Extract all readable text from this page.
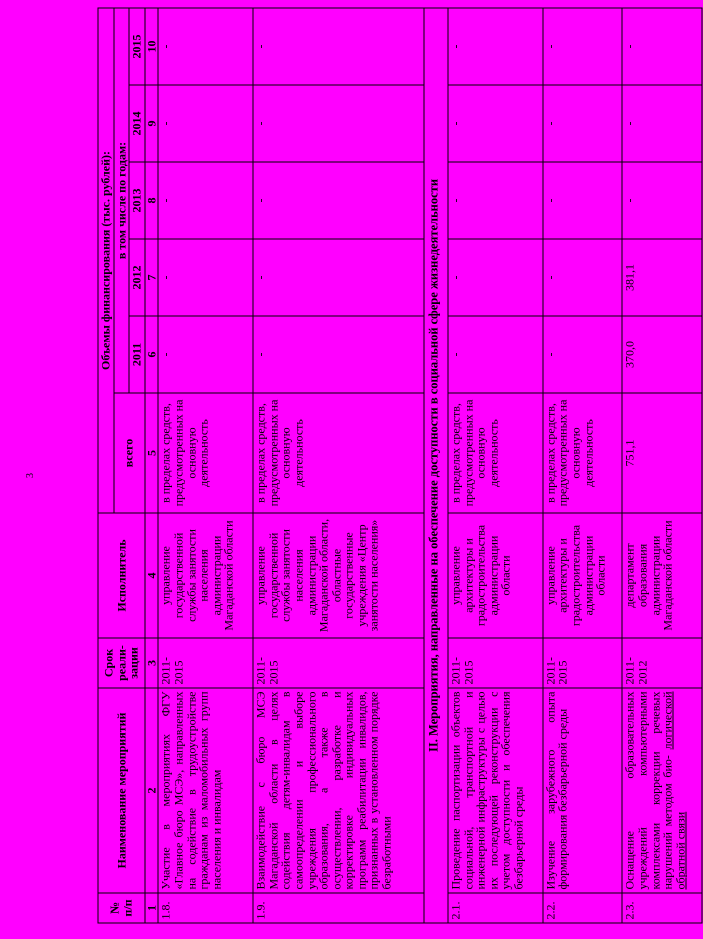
3
№ п/п	Наименование мероприятий	Срок реали-зации	Исполнитель	Объемы финансирования (тыс. рублей):					
				всего	в том числе по годам:				
					2011	2012	2013	2014	2015
1	2	3	4	5	6	7	8	9	10
1.8.	Участие в мероприятиях ФГУ «Главное бюро МСЭ», направленных на содействие в трудоустройстве гражданам из маломобильных групп населения и инвалидам	2011-2015	управление государственной службы занятости населения администрации Магаданской области	в пределах средств, предусмотренных на основную деятельность	-	-	-	-	-
1.9.	Взаимодействие с бюро МСЭ Магаданской области в целях содействия детям-инвалидам в самоопределении и выборе учреждения профессионального образования, а также в осуществлении, разработке и корректировке индивидуальных программ реабилитации инвалидов, признанных в установленном порядке безработными	2011-2015	управление государственной службы занятости населения администрации Магаданской области, областные государственные учреждения «Центр занятости населения»	в пределах средств, предусмотренных на основную деятельность	-	-	-	-	-
II. Мероприятия, направленные на обеспечение доступности в социальной сфере жизнедеятельности									
2.1.	Проведение паспортизации объектов социальной, транспортной и инженерной инфраструктуры с целью их последующей реконструкции с учетом доступности и обеспечения безбарьерной среды	2011-2015	управление архитектуры и градостроительства администрации области	в пределах средств, предусмотренных на основную деятельность	-	-	-	-	-
2.2.	Изучение зарубежного опыта формирования безбарьерной среды	2011-2015	управление архитектуры и градостроительства администрации области	в пределах средств, предусмотренных на основную деятельность	-	-	-	-	-
2.3.	Оснащение образовательных учреждений компьютерными комплексами коррекции речевых нарушений методом био- логической обратной связи	2011-2012	департамент образования администрации Магаданской области	751,1	370,0	381,1	-	-	-
